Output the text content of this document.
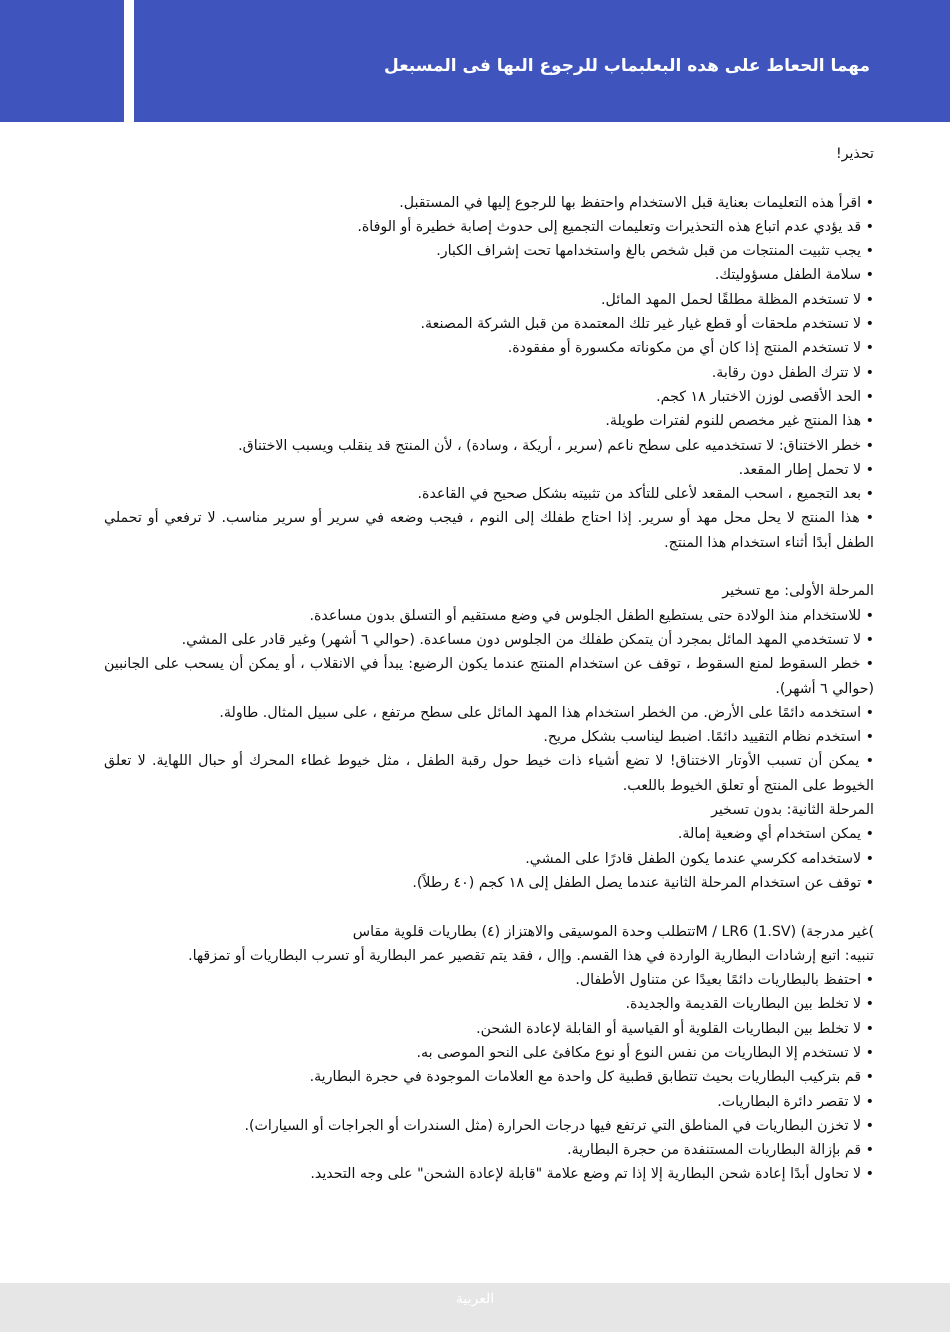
مهما الحعاط على هده البعلبماب للرجوع الىها فى المسبعل
تحذير!
• اقرأ هذه التعليمات بعناية قبل الاستخدام واحتفظ بها للرجوع إليها في المستقبل.
• قد يؤدي عدم اتباع هذه التحذيرات وتعليمات التجميع إلى حدوث إصابة خطيرة أو الوفاة.
• يجب تثبيت المنتجات من قبل شخص بالغ واستخدامها تحت إشراف الكبار.
• سلامة الطفل مسؤوليتك.
• لا تستخدم المظلة مطلقًا لحمل المهد المائل.
• لا تستخدم ملحقات أو قطع غيار غير تلك المعتمدة من قبل الشركة المصنعة.
• لا تستخدم المنتج إذا كان أي من مكوناته مكسورة أو مفقودة.
• لا تترك الطفل دون رقابة.
• الحد الأقصى لوزن الاختبار ١٨ كجم.
• هذا المنتج غير مخصص للنوم لفترات طويلة.
• خطر الاختناق: لا تستخدميه على سطح ناعم (سرير ، أريكة ، وسادة) ، لأن المنتج قد ينقلب ويسبب الاختناق.
• لا تحمل إطار المقعد.
• بعد التجميع ، اسحب المقعد لأعلى للتأكد من تثبيته بشكل صحيح في القاعدة.
• هذا المنتج لا يحل محل مهد أو سرير. إذا احتاج طفلك إلى النوم ، فيجب وضعه في سرير أو سرير مناسب. لا ترفعي أو تحملي الطفل أبدًا أثناء استخدام هذا المنتج.
المرحلة الأولى: مع تسخير
• للاستخدام منذ الولادة حتى يستطيع الطفل الجلوس في وضع مستقيم أو التسلق بدون مساعدة.
• لا تستخدمي المهد المائل بمجرد أن يتمكن طفلك من الجلوس دون مساعدة. (حوالي ٦ أشهر) وغير قادر على المشي.
• خطر السقوط لمنع السقوط ، توقف عن استخدام المنتج عندما يكون الرضيع: يبدأ في الانقلاب ، أو يمكن أن يسحب على الجانبين (حوالي ٦ أشهر).
• استخدمه دائمًا على الأرض. من الخطر استخدام هذا المهد المائل على سطح مرتفع ، على سبيل المثال. طاولة.
• استخدم نظام التقييد دائمًا. اضبط ليناسب بشكل مريح.
• يمكن أن تسبب الأوتار الاختناق! لا تضع أشياء ذات خيط حول رقبة الطفل ، مثل خيوط غطاء المحرك أو حبال اللهاية. لا تعلق الخيوط على المنتج أو تعلق الخيوط باللعب.
المرحلة الثانية: بدون تسخير
• يمكن استخدام أي وضعية إمالة.
• لاستخدامه ككرسي عندما يكون الطفل قادرًا على المشي.
• توقف عن استخدام المرحلة الثانية عندما يصل الطفل إلى ١٨ كجم (٤٠ رطلاً).
)غير مدرجة) (M / LR6 (1.SVتتطلب وحدة الموسيقى والاهتزاز (٤) بطاريات قلوية مقاس
تنبيه: اتبع إرشادات البطارية الواردة في هذا القسم. وإال ، فقد يتم تقصير عمر البطارية أو تسرب البطاريات أو تمزقها.
• احتفظ بالبطاريات دائمًا بعيدًا عن متناول الأطفال.
• لا تخلط بين البطاريات القديمة والجديدة.
• لا تخلط بين البطاريات القلوية أو القياسية أو القابلة لإعادة الشحن.
• لا تستخدم إلا البطاريات من نفس النوع أو نوع مكافئ على النحو الموصى به.
• قم بتركيب البطاريات بحيث تتطابق قطبية كل واحدة مع العلامات الموجودة في حجرة البطارية.
• لا تقصر دائرة البطاريات.
• لا تخزن البطاريات في المناطق التي ترتفع فيها درجات الحرارة (مثل السندرات أو الجراجات أو السيارات).
• قم بإزالة البطاريات المستنفدة من حجرة البطارية.
• لا تحاول أبدًا إعادة شحن البطارية إلا إذا تم وضع علامة "قابلة لإعادة الشحن" على وجه التحديد.
العربية
